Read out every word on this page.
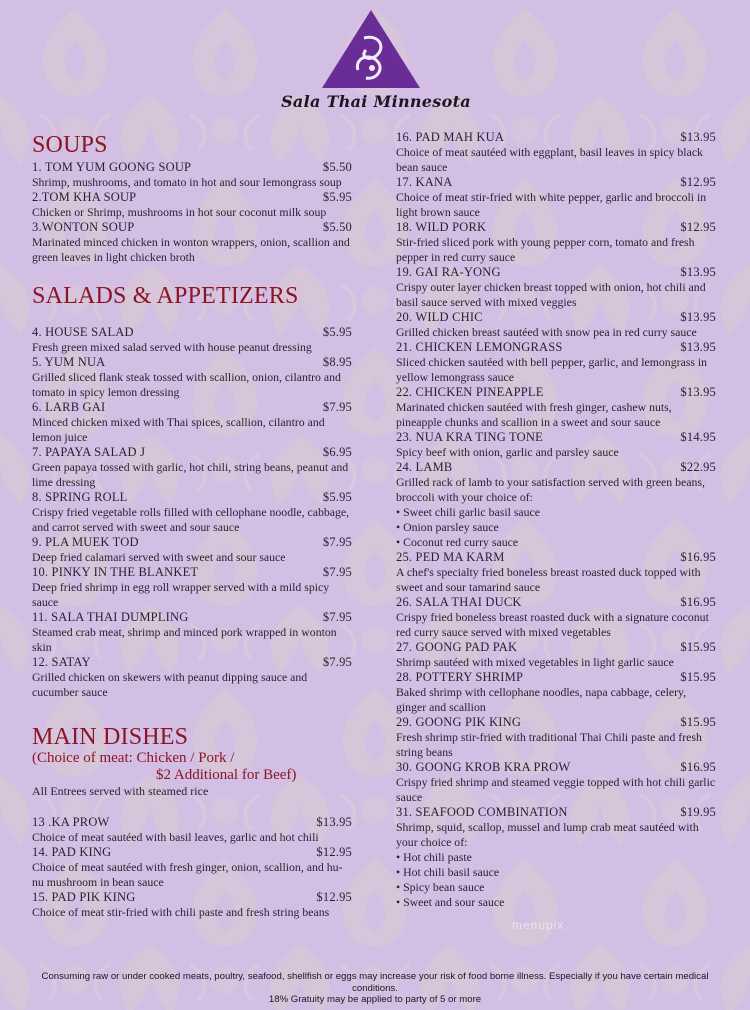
Sala Thai Minnesota
SOUPS
1. TOM YUM GOONG SOUP	$5.50
Shrimp, mushrooms, and tomato in hot and sour lemongrass soup
2.TOM KHA SOUP	$5.95
Chicken or Shrimp, mushrooms in hot sour coconut milk soup
3.WONTON SOUP	$5.50
Marinated minced chicken in wonton wrappers, onion, scallion and green leaves in light chicken broth
SALADS & APPETIZERS
4. HOUSE SALAD	$5.95
Fresh green mixed salad served with house peanut dressing
5. YUM NUA	$8.95
Grilled sliced flank steak tossed with scallion, onion, cilantro and tomato in spicy lemon dressing
6. LARB GAI	$7.95
Minced chicken mixed with Thai spices, scallion, cilantro and lemon juice
7. PAPAYA SALAD J	$6.95
Green papaya tossed with garlic, hot chili, string beans, peanut and lime dressing
8. SPRING ROLL	$5.95
Crispy fried vegetable rolls filled with cellophane noodle, cabbage, and carrot served with sweet and sour sauce
9. PLA MUEK TOD	$7.95
Deep fried calamari served with sweet and sour sauce
10. PINKY IN THE BLANKET	$7.95
Deep fried shrimp in egg roll wrapper served with a mild spicy sauce
11. SALA THAI DUMPLING	$7.95
Steamed crab meat, shrimp and minced pork wrapped in wonton skin
12. SATAY	$7.95
Grilled chicken on skewers with peanut dipping sauce and cucumber sauce
MAIN DISHES
(Choice of meat: Chicken / Pork /
$2 Additional for Beef)
All Entrees served with steamed rice
13 .KA PROW	$13.95
Choice of meat sautéed with basil leaves, garlic and hot chili
14. PAD KING	$12.95
Choice of meat sautéed with fresh ginger, onion, scallion, and hu-nu mushroom in bean sauce
15. PAD PIK KING	$12.95
Choice of meat stir-fried with chili paste and fresh string beans
16. PAD MAH KUA	$13.95
Choice of meat sautéed with eggplant, basil leaves in spicy black bean sauce
17. KANA	$12.95
Choice of meat stir-fried with white pepper, garlic and broccoli in light brown sauce
18. WILD PORK	$12.95
Stir-fried sliced pork with young pepper corn, tomato and fresh pepper in red curry sauce
19. GAI RA-YONG	$13.95
Crispy outer layer chicken breast topped with onion, hot chili and basil sauce served with mixed veggies
20. WILD CHIC	$13.95
Grilled chicken breast sautéed with snow pea in red curry sauce
21. CHICKEN LEMONGRASS	$13.95
Sliced chicken sautéed with bell pepper, garlic, and lemongrass in yellow lemongrass sauce
22. CHICKEN PINEAPPLE	$13.95
Marinated chicken sautéed with fresh ginger, cashew nuts, pineapple chunks and scallion in a sweet and sour sauce
23. NUA KRA TING TONE	$14.95
Spicy beef with onion, garlic and parsley sauce
24. LAMB	$22.95
Grilled rack of lamb to your satisfaction served with green beans, broccoli with your choice of:
• Sweet chili garlic basil sauce
• Onion parsley sauce
• Coconut red curry sauce
25. PED MA KARM	$16.95
A chef's specialty fried boneless breast roasted duck topped with sweet and sour tamarind sauce
26. SALA THAI DUCK	$16.95
Crispy fried boneless breast roasted duck with a signature coconut red curry sauce served with mixed vegetables
27. GOONG PAD PAK	$15.95
Shrimp sautéed with mixed vegetables in light garlic sauce
28. POTTERY SHRIMP	$15.95
Baked shrimp with cellophane noodles, napa cabbage, celery, ginger and scallion
29. GOONG PIK KING	$15.95
Fresh shrimp stir-fried with traditional Thai Chili paste and fresh string beans
30. GOONG KROB KRA PROW	$16.95
Crispy fried shrimp and steamed veggie topped with hot chili garlic sauce
31. SEAFOOD COMBINATION	$19.95
Shrimp, squid, scallop, mussel and lump crab meat sautéed with your choice of:
• Hot chili paste
• Hot chili basil sauce
• Spicy bean sauce
• Sweet and sour sauce
menupix
Consuming raw or under cooked meats, poultry, seafood, shellfish or eggs may increase your risk of food borne illness. Especially if you have certain medical conditions.
18% Gratuity may be applied to party of 5 or more
